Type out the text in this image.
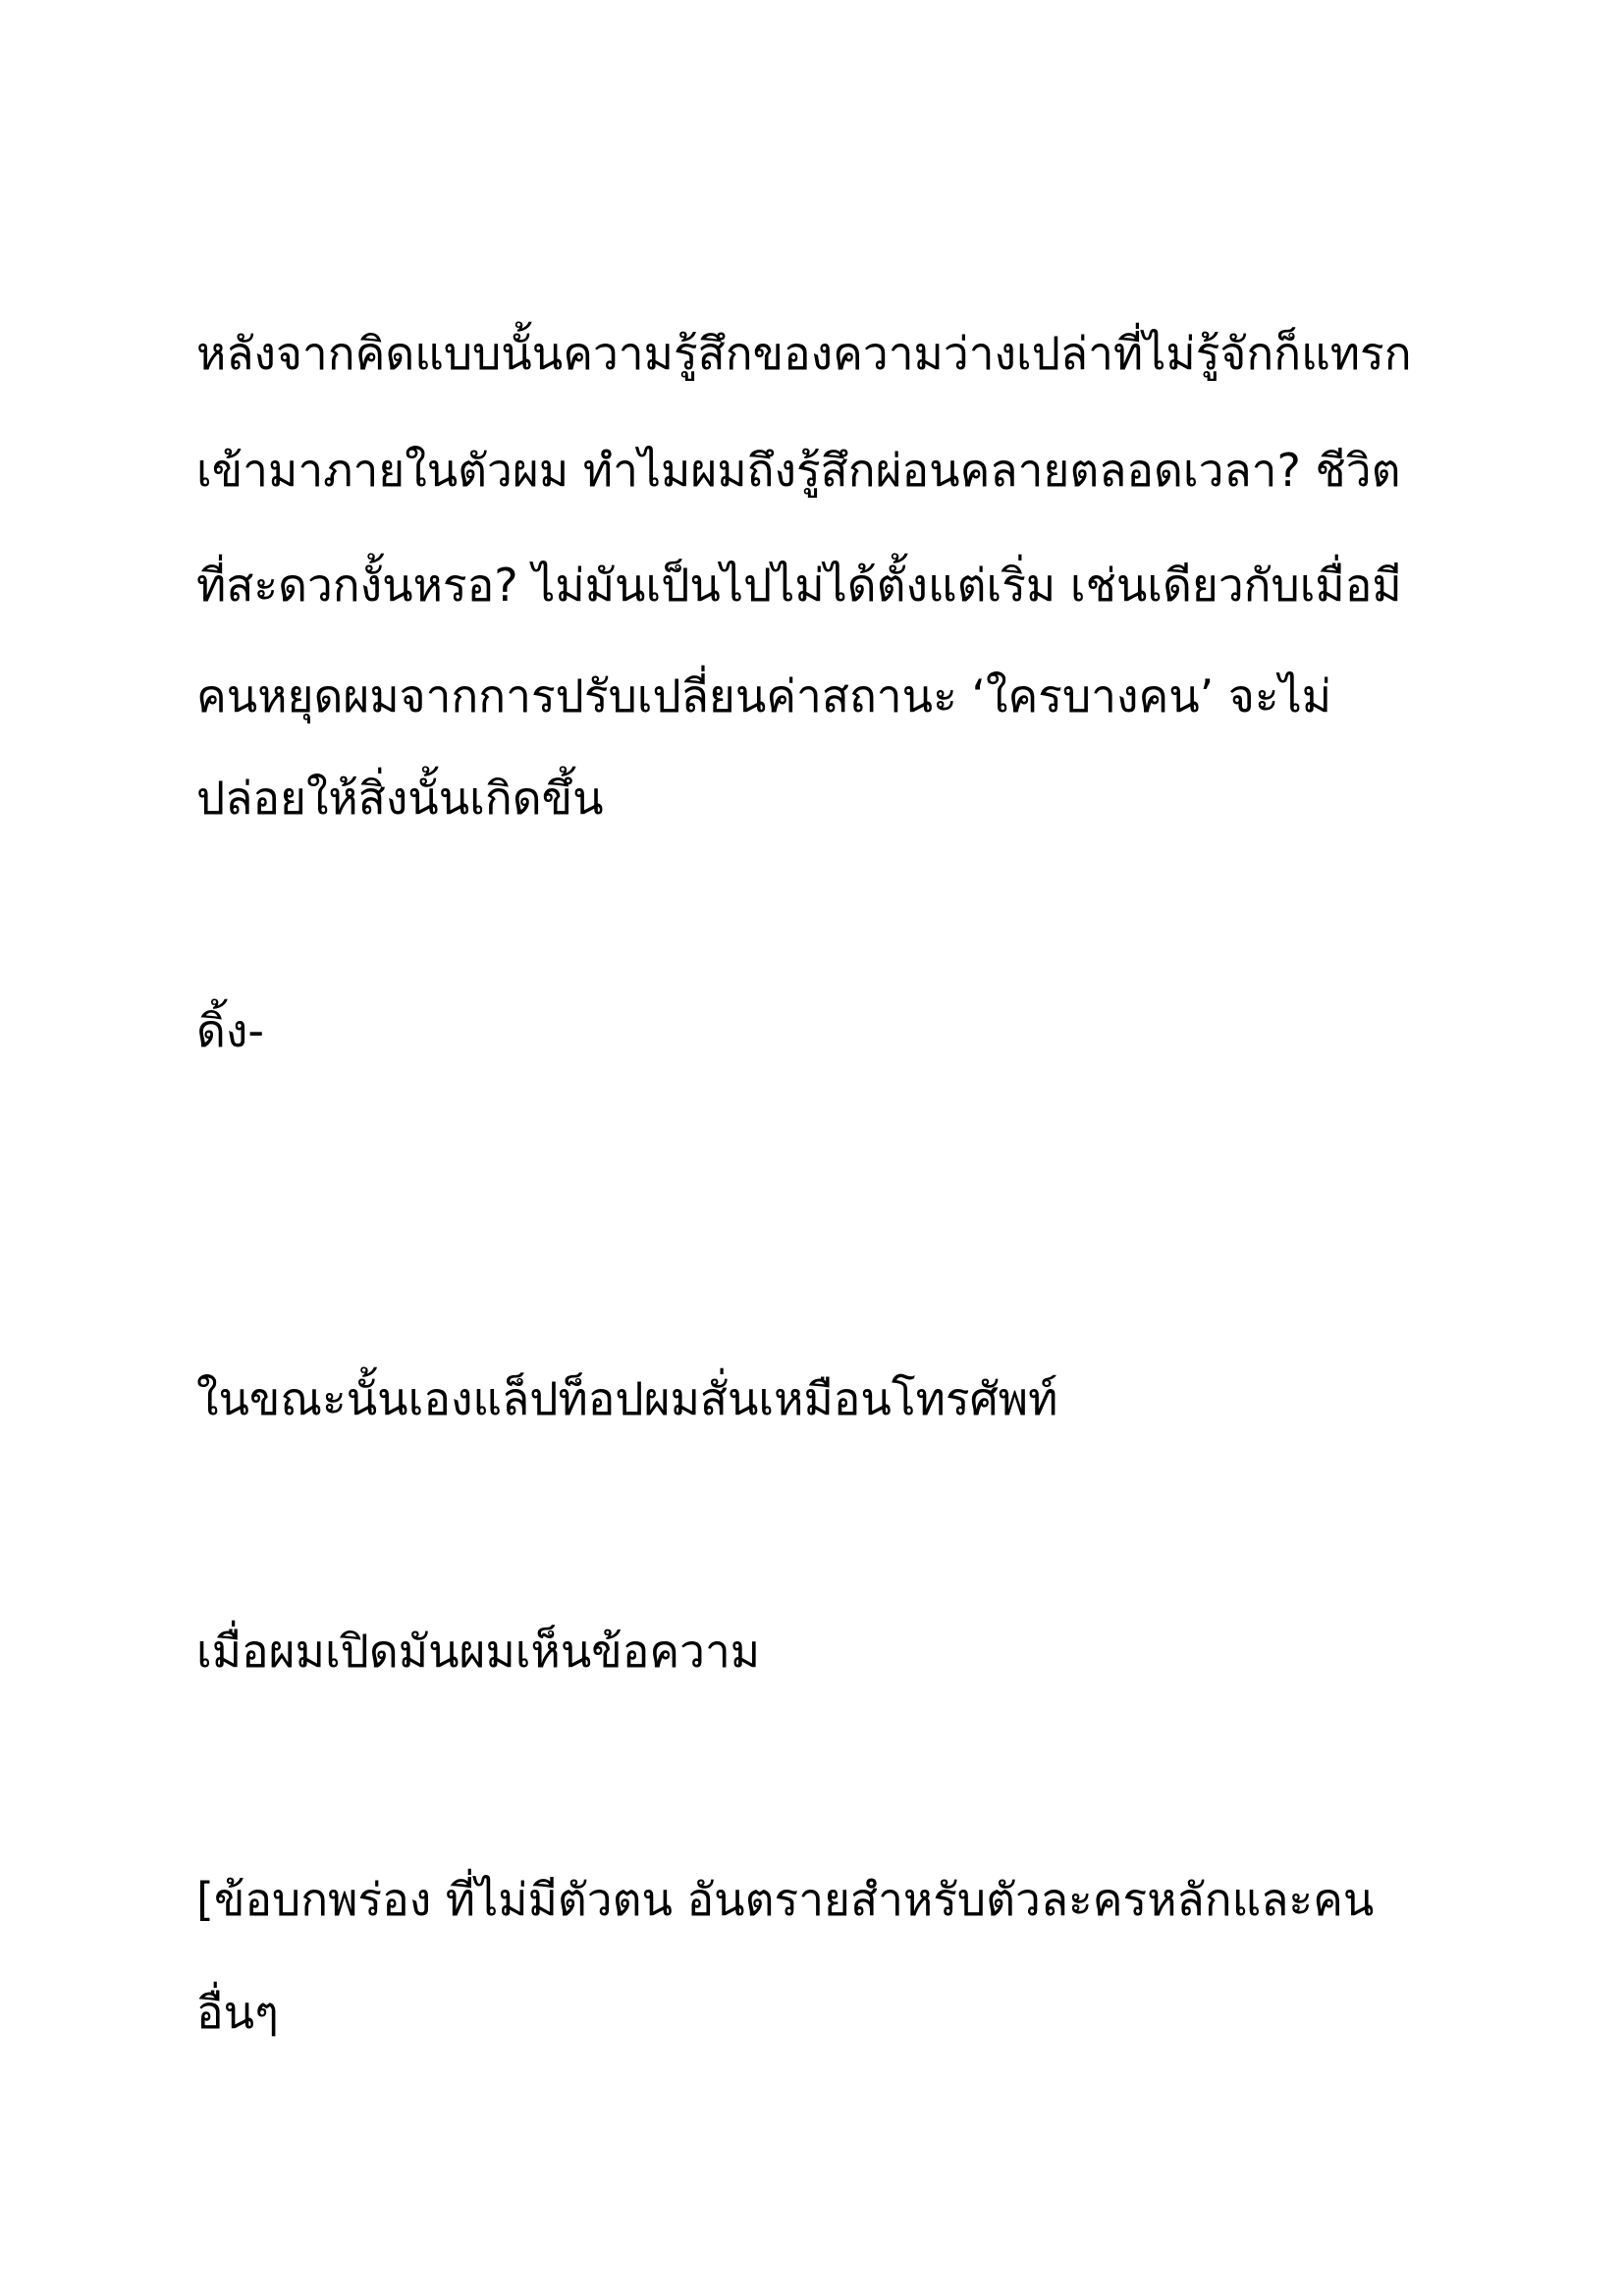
หลังจากคิดแบบนั้นความรู้สึกของความว่างเปล่าที่ไม่รู้จักก็แทรก
เข้ามาภายในตัวผม ทำไมผมถึงรู้สึกผ่อนคลายตลอดเวลา? ชีวิต
ที่สะดวกงั้นหรอ? ไม่มันเป็นไปไม่ได้ตั้งแต่เริ่ม เช่นเดียวกับเมื่อมี
คนหยุดผมจากการปรับเปลี่ยนค่าสถานะ ‘ใครบางคน’ จะไม่
ปล่อยให้สิ่งนั้นเกิดขึ้น
ดิ้ง-
ในขณะนั้นเองแล็ปท็อปผมสั่นเหมือนโทรศัพท์
เมื่อผมเปิดมันผมเห็นข้อความ
[ข้อบกพร่อง ที่ไม่มีตัวตน อันตรายสำหรับตัวละครหลักและคน
อื่นๆ
